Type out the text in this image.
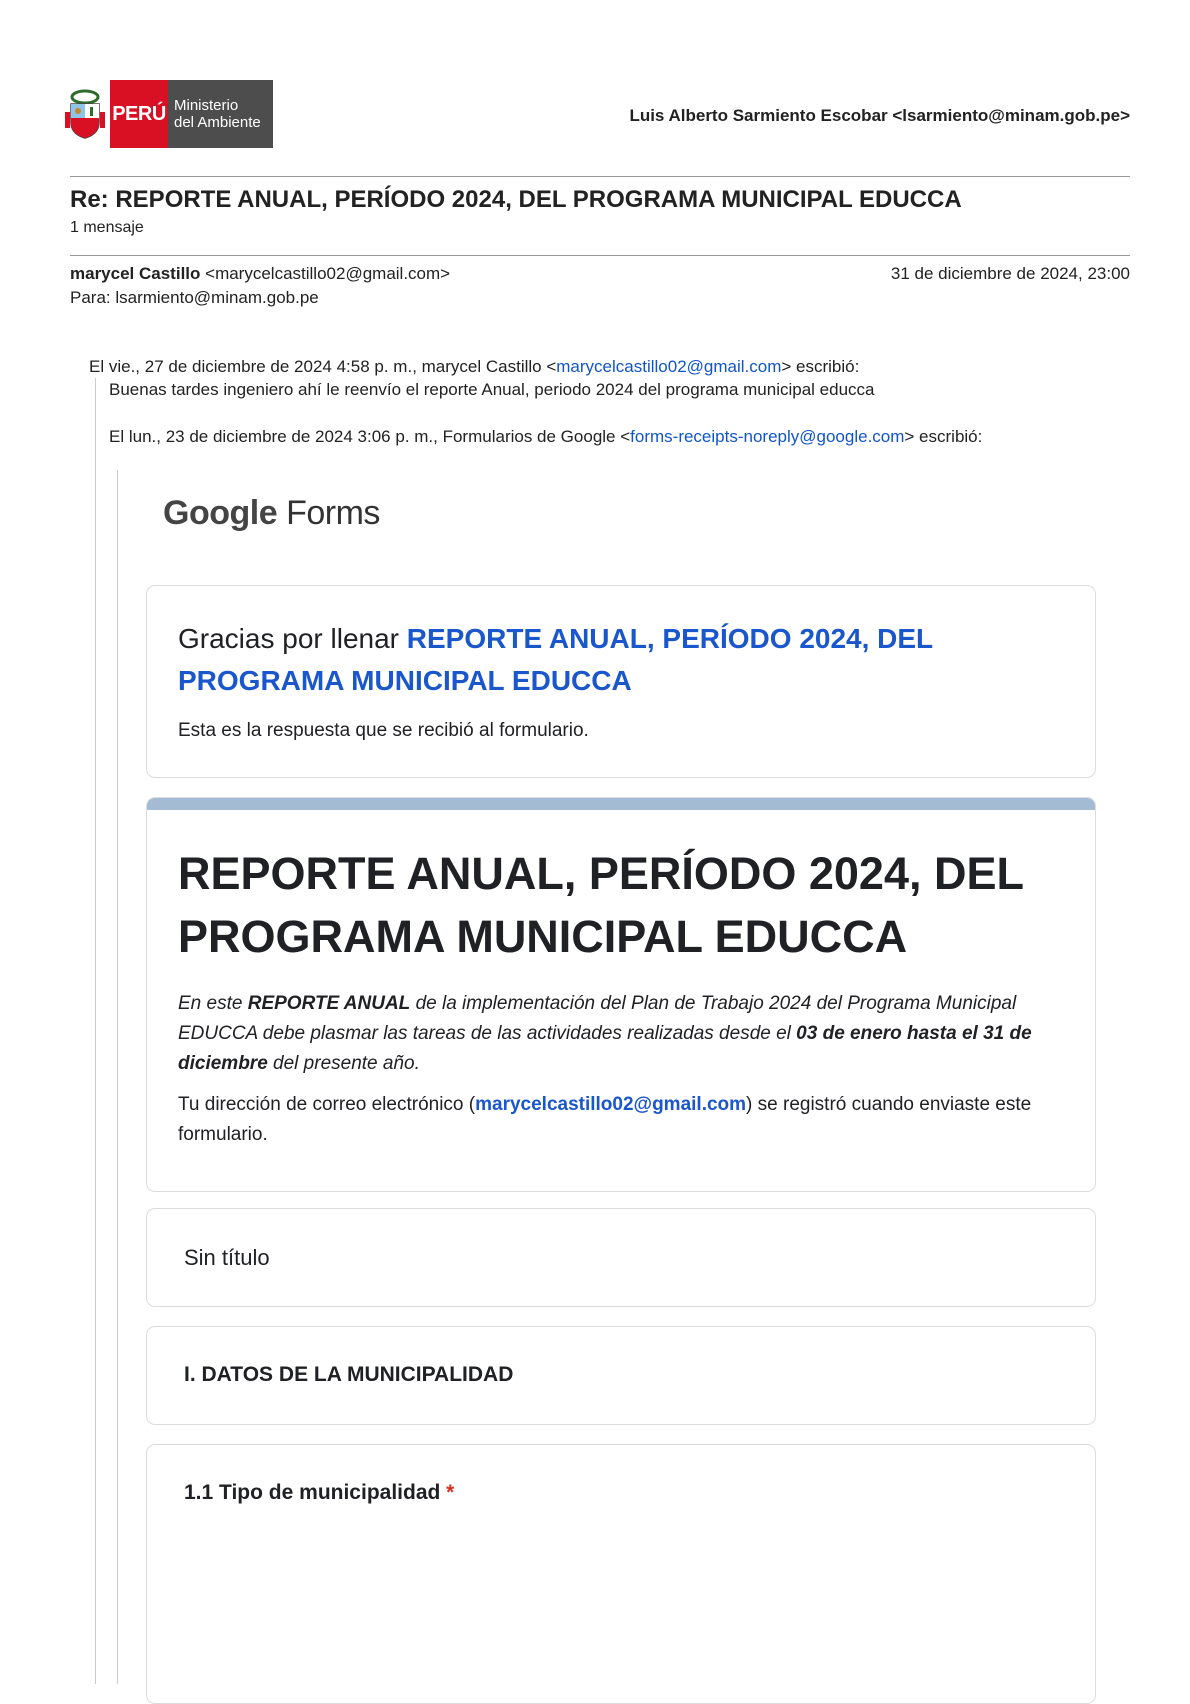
PERÚ Ministerio
del Ambiente	Luis Alberto Sarmiento Escobar <lsarmiento@minam.gob.pe>
Re: REPORTE ANUAL, PERÍODO 2024, DEL PROGRAMA MUNICIPAL EDUCCA
1 mensaje
marycel Castillo <marycelcastillo02@gmail.com>	31 de diciembre de 2024, 23:00
Para: lsarmiento@minam.gob.pe
El vie., 27 de diciembre de 2024 4:58 p. m., marycel Castillo <marycelcastillo02@gmail.com> escribió:
Buenas tardes ingeniero ahí le reenvío el reporte Anual, periodo 2024 del programa municipal educca
El lun., 23 de diciembre de 2024 3:06 p. m., Formularios de Google <forms-receipts-noreply@google.com> escribió:
Google Forms
Gracias por llenar REPORTE ANUAL, PERÍODO 2024, DEL PROGRAMA MUNICIPAL EDUCCA
Esta es la respuesta que se recibió al formulario.
REPORTE ANUAL, PERÍODO 2024, DEL PROGRAMA MUNICIPAL EDUCCA
En este REPORTE ANUAL de la implementación del Plan de Trabajo 2024 del Programa Municipal EDUCCA debe plasmar las tareas de las actividades realizadas desde el 03 de enero hasta el 31 de diciembre del presente año.
Tu dirección de correo electrónico (marycelcastillo02@gmail.com) se registró cuando enviaste este formulario.
Sin título
I. DATOS DE LA MUNICIPALIDAD
1.1 Tipo de municipalidad *
